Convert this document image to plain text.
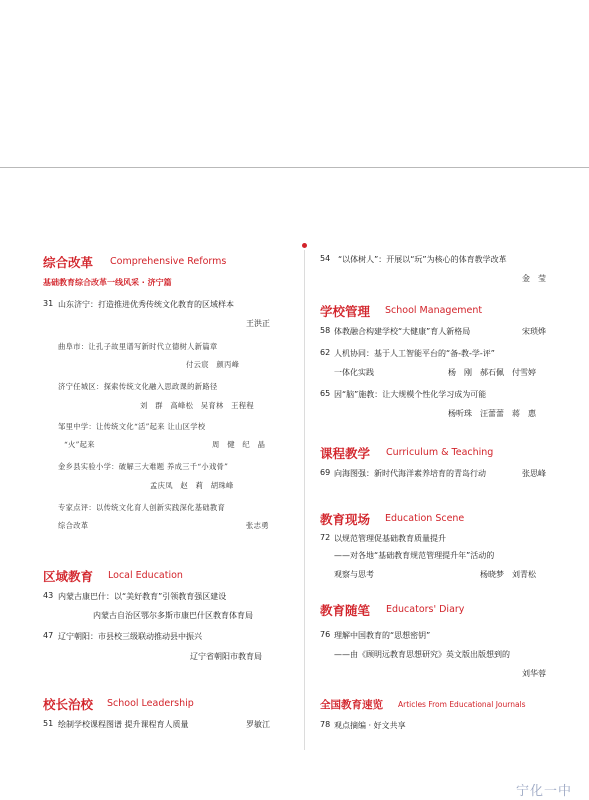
综合改革 Comprehensive Reforms
基础教育综合改革一线风采 · 济宁篇
31 山东济宁：打造推进优秀传统文化教育的区域样本
王洪正
曲阜市：让孔子故里谱写新时代立德树人新篇章
付云宸　颜丙峰
济宁任城区：探索传统文化融入思政课的新路径
刘　群　高峰松　吴育林　王程程
邹里中学：让传统文化“活”起来 让山区学校
“火”起来	周　健　纪　晶
金乡县实验小学：破解三大难题 养成三千“小戏骨”
孟庆凤　赵　莉　胡珠峰
专家点评：以传统文化育人创新实践深化基础教育
综合改革	张志勇
区域教育 Local Education
43 内蒙古康巴什：以“美好教育”引领教育强区建设
内蒙古自治区鄂尔多斯市康巴什区教育体育局
47 辽宁朝阳：市县校三级联动推动县中振兴
辽宁省朝阳市教育局
校长治校 School Leadership
51 绘制学校课程图谱 提升课程育人质量	罗敏江
54 “以体树人”：开展以“玩”为核心的体育教学改革
金　莹
学校管理 School Management
58 体教融合构建学校“大健康”育人新格局	宋琐烨
62 人机协同：基于人工智能平台的“备-教-学-评”
一体化实践	杨　刚　郝石佩　付雪婷
65 因“脑”施教：让大规模个性化学习成为可能
杨听珠　汪蕾蕾　蒋　惠
课程教学 Curriculum & Teaching
69 向海图强：新时代海洋素养培育的青岛行动	张思峰
教育现场 Education Scene
72 以规范管理促基础教育质量提升
——对各地“基础教育规范管理提升年”活动的
观察与思考	杨晓梦　刘青松
教育随笔 Educators' Diary
76 理解中国教育的“思想密钥”
——由《顾明远教育思想研究》英文版出版想到的
刘华蓉
全国教育速览 Articles From Educational Journals
78 观点摘编 · 好文共享
宁化一中
